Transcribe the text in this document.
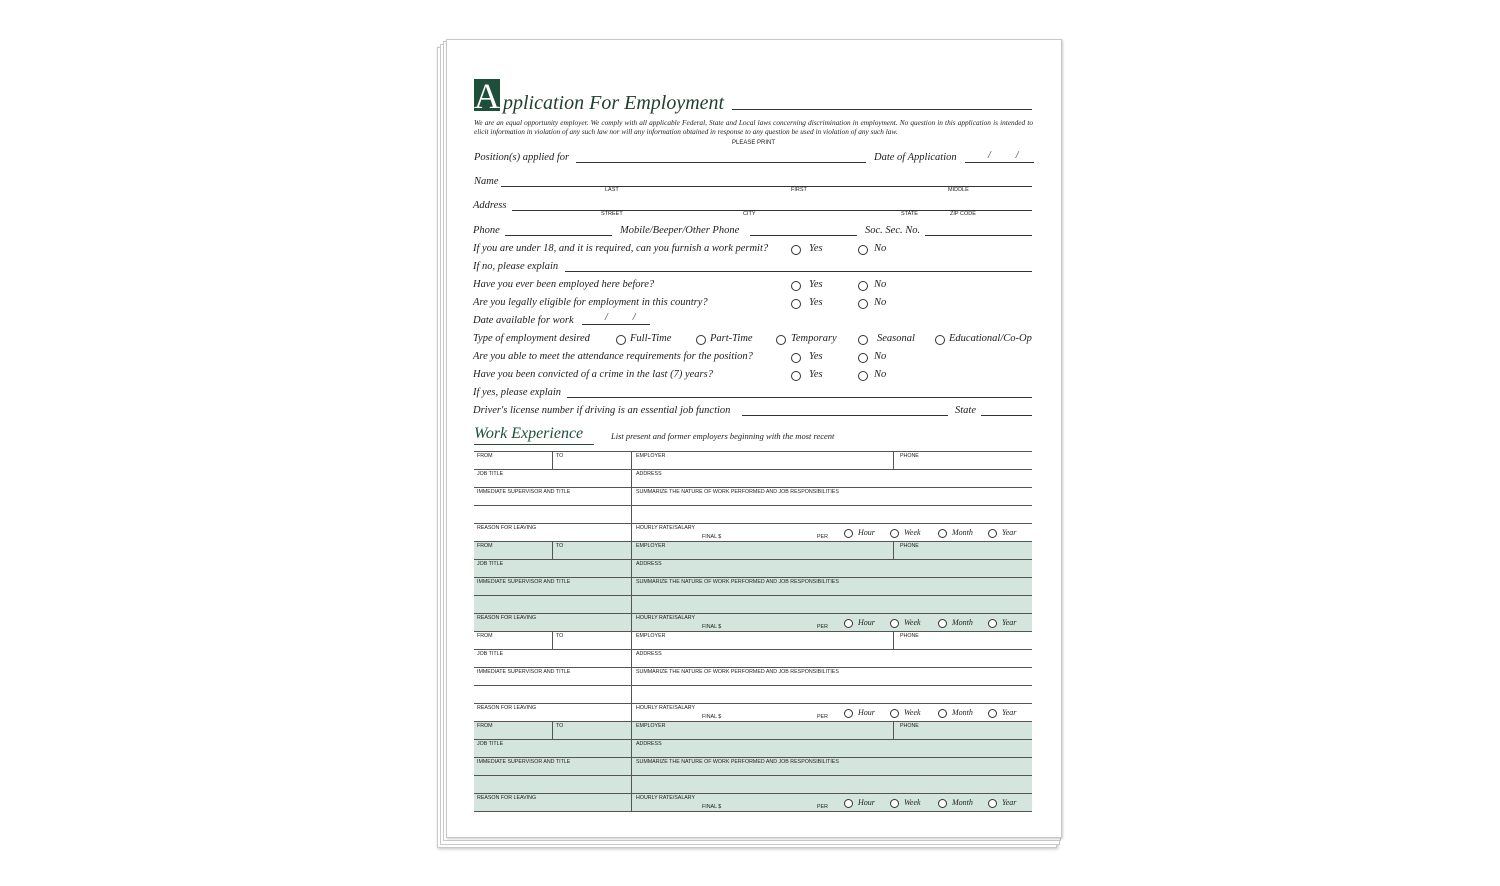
A pplication For Employment
We are an equal opportunity employer. We comply with all applicable Federal, State and Local laws concerning discrimination in employment. No question in this application is intended to elicit information in violation of any such law nor will any information obtained in response to any question be used in violation of any such law.
PLEASE PRINT
Position(s) applied for	Date of Application	/          /
Name
LAST	FIRST	MIDDLE
Address
STREET	CITY	STATE	ZIP CODE
Phone	Mobile/Beeper/Other Phone	Soc. Sec. No.
If you are under 18, and it is required, can you furnish a work permit?	Yes	No
If no, please explain
Have you ever been employed here before?	Yes	No
Are you legally eligible for employment in this country?	Yes	No
Date available for work	/          /
Type of employment desired	Full-Time	Part-Time	Temporary	Seasonal	Educational/Co-Op
Are you able to meet the attendance requirements for the position?	Yes	No
Have you been convicted of a crime in the last (7) years?	Yes	No
If yes, please explain
Driver's license number if driving is an essential job function	State
Work Experience	List present and former employers beginning with the most recent
FROM	TO	EMPLOYER	PHONE
JOB TITLE	ADDRESS
IMMEDIATE SUPERVISOR AND TITLE	SUMMARIZE THE NATURE OF WORK PERFORMED AND JOB RESPONSIBILITIES
REASON FOR LEAVING	HOURLY RATE/SALARY
FINAL $	PER	Hour	Week	Month	Year
FROM	TO	EMPLOYER	PHONE
JOB TITLE	ADDRESS
IMMEDIATE SUPERVISOR AND TITLE	SUMMARIZE THE NATURE OF WORK PERFORMED AND JOB RESPONSIBILITIES
REASON FOR LEAVING	HOURLY RATE/SALARY
FINAL $	PER	Hour	Week	Month	Year
FROM	TO	EMPLOYER	PHONE
JOB TITLE	ADDRESS
IMMEDIATE SUPERVISOR AND TITLE	SUMMARIZE THE NATURE OF WORK PERFORMED AND JOB RESPONSIBILITIES
REASON FOR LEAVING	HOURLY RATE/SALARY
FINAL $	PER	Hour	Week	Month	Year
FROM	TO	EMPLOYER	PHONE
JOB TITLE	ADDRESS
IMMEDIATE SUPERVISOR AND TITLE	SUMMARIZE THE NATURE OF WORK PERFORMED AND JOB RESPONSIBILITIES
REASON FOR LEAVING	HOURLY RATE/SALARY
FINAL $	PER	Hour	Week	Month	Year
